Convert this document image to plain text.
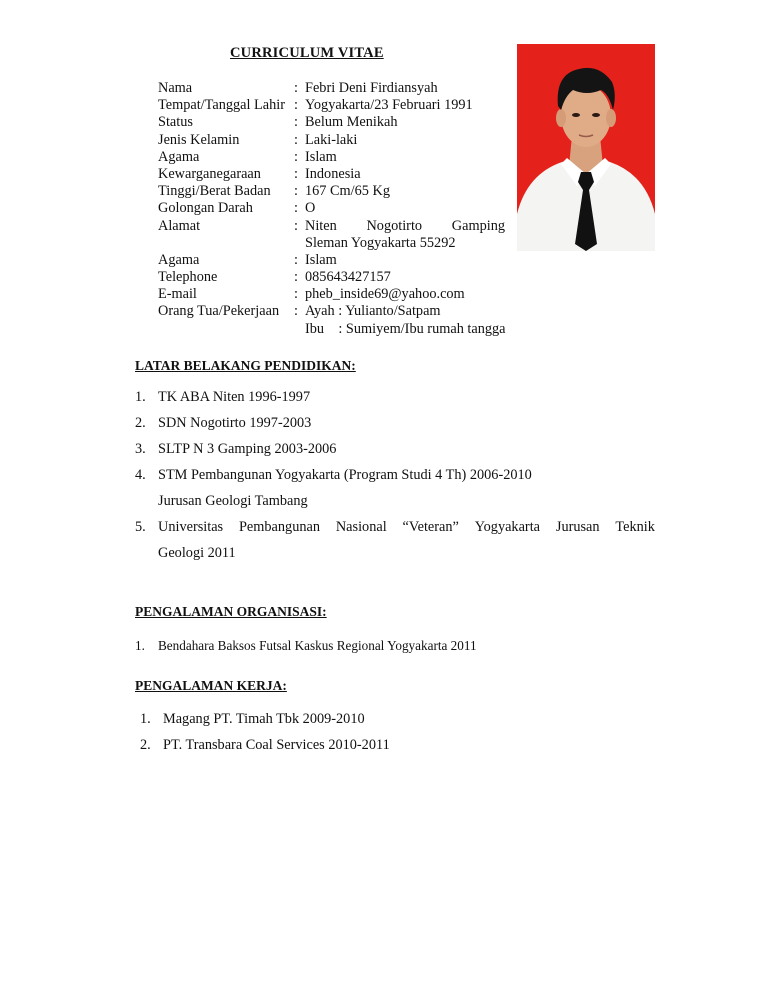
CURRICULUM VITAE
Nama	: Febri Deni Firdiansyah
Tempat/Tanggal Lahir : Yogyakarta/23 Februari 1991
Status	: Belum Menikah
Jenis Kelamin	: Laki-laki
Agama	: Islam
Kewarganegaraan : Indonesia
Tinggi/Berat Badan : 167 Cm/65 Kg
Golongan Darah	: O
Alamat	: Niten Nogotirto Gamping
Sleman Yogyakarta 55292
Agama	: Islam
Telephone	: 085643427157
E-mail	: pheb_inside69@yahoo.com
Orang Tua/Pekerjaan : Ayah : Yulianto/Satpam
Ibu    : Sumiyem/Ibu rumah tangga
LATAR BELAKANG PENDIDIKAN:
1. TK ABA Niten 1996-1997
2. SDN Nogotirto 1997-2003
3. SLTP N 3 Gamping 2003-2006
4. STM Pembangunan Yogyakarta (Program Studi 4 Th) 2006-2010
Jurusan Geologi Tambang
5. Universitas Pembangunan Nasional “Veteran” Yogyakarta Jurusan Teknik
Geologi 2011
PENGALAMAN ORGANISASI:
1. Bendahara Baksos Futsal Kaskus Regional Yogyakarta 2011
PENGALAMAN KERJA:
1. Magang PT. Timah Tbk 2009-2010
2. PT. Transbara Coal Services 2010-2011
